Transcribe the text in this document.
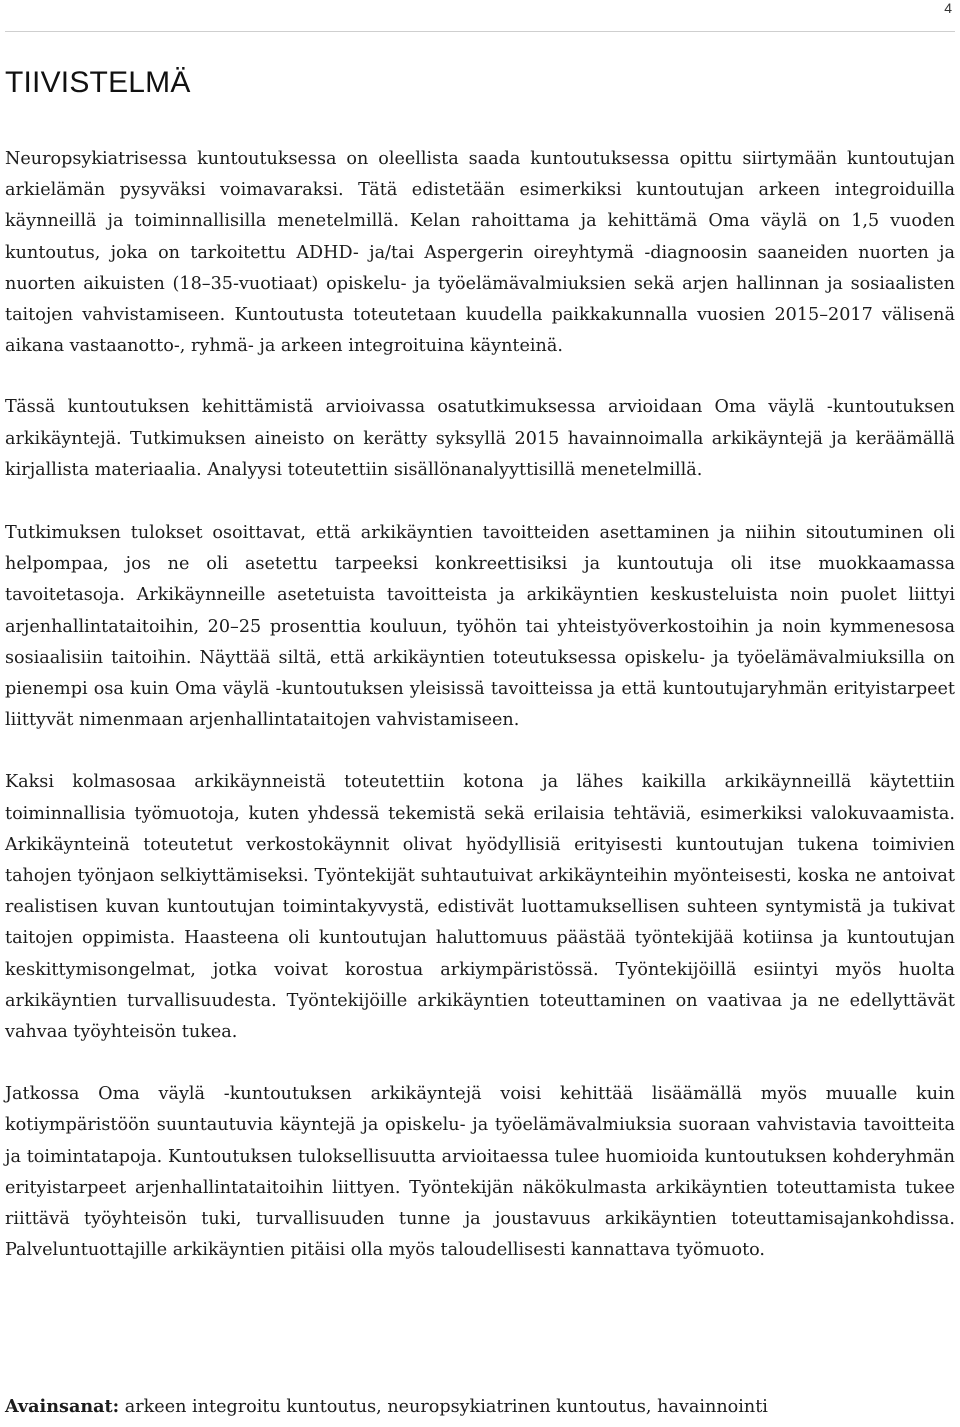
4
TIIVISTELMÄ

Neuropsykiatrisessa kuntoutuksessa on oleellista saada kuntoutuksessa opittu siirtymään kuntoutujan arkielämän pysyväksi voimavaraksi. Tätä edistetään esimerkiksi kuntoutujan arkeen integroiduilla käynneillä ja toiminnallisilla menetelmillä. Kelan rahoittama ja kehittämä Oma väylä on 1,5 vuoden kuntoutus, joka on tarkoitettu ADHD- ja/tai Aspergerin oireyhtymä -diagnoosin saaneiden nuorten ja nuorten aikuisten (18–35-vuotiaat) opiskelu- ja työelämävalmiuksien sekä arjen hallinnan ja sosiaalisten taitojen vahvistamiseen. Kuntoutusta toteutetaan kuudella paikkakunnalla vuosien 2015–2017 välisenä aikana vastaanotto-, ryhmä- ja arkeen integroituina käynteinä.

Tässä kuntoutuksen kehittämistä arvioivassa osatutkimuksessa arvioidaan Oma väylä -kuntoutuksen arkikäyntejä. Tutkimuksen aineisto on kerätty syksyllä 2015 havainnoimalla arkikäyntejä ja keräämällä kirjallista materiaalia. Analyysi toteutettiin sisällönanalyyttisillä menetelmillä.

Tutkimuksen tulokset osoittavat, että arkikäyntien tavoitteiden asettaminen ja niihin sitoutuminen oli helpompaa, jos ne oli asetettu tarpeeksi konkreettisiksi ja kuntoutuja oli itse muokkaamassa tavoitetasoja. Arkikäynneille asetetuista tavoitteista ja arkikäyntien keskusteluista noin puolet liittyi arjenhallintataitoihin, 20–25 prosenttia kouluun, työhön tai yhteistyöverkostoihin ja noin kymmenesosa sosiaalisiin taitoihin. Näyttää siltä, että arkikäyntien toteutuksessa opiskelu- ja työelämävalmiuksilla on pienempi osa kuin Oma väylä -kuntoutuksen yleisissä tavoitteissa ja että kuntoutujaryhmän erityistarpeet liittyvät nimenmaan arjenhallintataitojen vahvistamiseen.

Kaksi kolmasosaa arkikäynneistä toteutettiin kotona ja lähes kaikilla arkikäynneillä käytettiin toiminnallisia työmuotoja, kuten yhdessä tekemistä sekä erilaisia tehtäviä, esimerkiksi valokuvaamista. Arkikäynteinä toteutetut verkostokäynnit olivat hyödyllisiä erityisesti kuntoutujan tukena toimivien tahojen työnjaon selkiyttämiseksi. Työntekijät suhtautuivat arkikäynteihin myönteisesti, koska ne antoivat realistisen kuvan kuntoutujan toimintakyvystä, edistivät luottamuksellisen suhteen syntymistä ja tukivat taitojen oppimista. Haasteena oli kuntoutujan haluttomuus päästää työntekijää kotiinsa ja kuntoutujan keskittymisongelmat, jotka voivat korostua arkiympäristössä. Työntekijöillä esiintyi myös huolta arkikäyntien turvallisuudesta. Työntekijöille arkikäyntien toteuttaminen on vaativaa ja ne edellyttävät vahvaa työyhteisön tukea.

Jatkossa Oma väylä -kuntoutuksen arkikäyntejä voisi kehittää lisäämällä myös muualle kuin kotiympäristöön suuntautuvia käyntejä ja opiskelu- ja työelämävalmiuksia suoraan vahvistavia tavoitteita ja toimintatapoja. Kuntoutuksen tuloksellisuutta arvioitaessa tulee huomioida kuntoutuksen kohderyhmän erityistarpeet arjenhallintataitoihin liittyen. Työntekijän näkökulmasta arkikäyntien toteuttamista tukee riittävä työyhteisön tuki, turvallisuuden tunne ja joustavuus arkikäyntien toteuttamisajankohdissa. Palveluntuottajille arkikäyntien pitäisi olla myös taloudellisesti kannattava työmuoto.

Avainsanat: arkeen integroitu kuntoutus, neuropsykiatrinen kuntoutus, havainnointi
